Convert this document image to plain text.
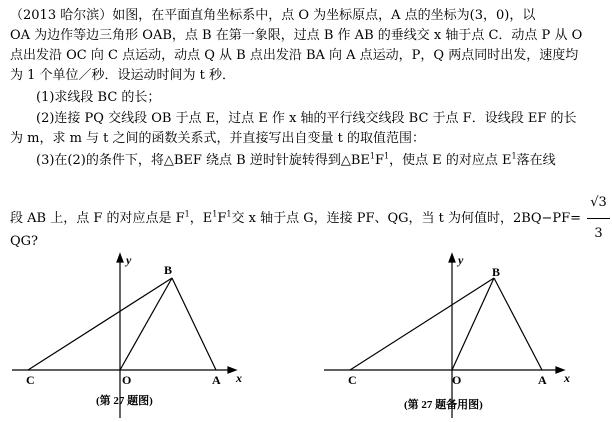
（2013 哈尔滨）如图，在平面直角坐标系中，点 O 为坐标原点，A 点的坐标为(3，0)，以
OA 为边作等边三角形 OAB，点 B 在第一象限，过点 B 作 AB 的垂线交 x 轴于点 C．动点 P 从 O
点出发沿 OC 向 C 点运动，动点 Q 从 B 点出发沿 BA 向 A 点运动，P，Q 两点同时出发，速度均
为 1 个单位／秒．设运动时间为 t 秒．
(1)求线段 BC 的长；
(2)连接 PQ 交线段 OB 于点 E，过点 E 作 x 轴的平行线交线段 BC 于点 F．设线段 EF 的长
为 m，求 m 与 t 之间的函数关系式，并直接写出自变量 t 的取值范围：
(3)在(2)的条件下，将△BEF 绕点 B 逆时针旋转得到$\triangle BE^1F^1$，使点 E 的对应点 $E^1$落在线
段 AB 上，点 F 的对应点是 $F^1$，$E^1F^1$交 x 轴于点 G，连接 PF、QG，当 t 为何值时，$2BQ-PF= \frac{√3}{3}$
QG?
y
x
B
C	O	A
(第 27 题图)
y
x
B
C	O	A
(第 27 题备用图)
